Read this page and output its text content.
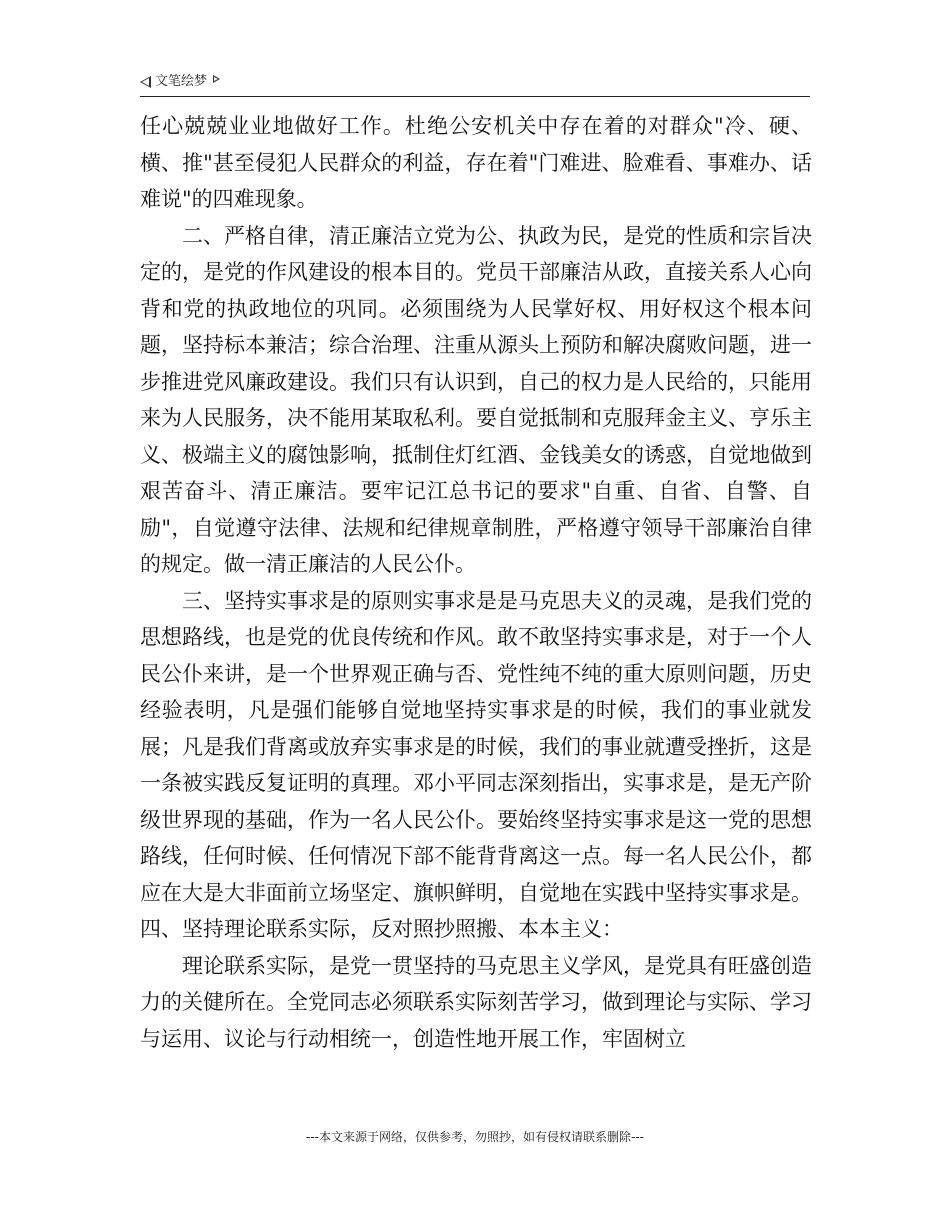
文笔绘梦

任心兢兢业业地做好工作。杜绝公安机关中存在着的对群众"冷、硬、横、推"甚至侵犯人民群众的利益，存在着"门难进、脸难看、事难办、话难说"的四难现象。

二、严格自律，清正廉洁立党为公、执政为民，是党的性质和宗旨决定的，是党的作风建设的根本目的。党员干部廉洁从政，直接关系人心向背和党的执政地位的巩同。必须围绕为人民掌好权、用好权这个根本问题，坚持标本兼洁；综合治理、注重从源头上预防和解决腐败问题，进一步推进党风廉政建设。我们只有认识到，自己的权力是人民给的，只能用来为人民服务，决不能用某取私利。要自觉抵制和克服拜金主义、亨乐主义、极端主义的腐蚀影响，抵制住灯红酒、金钱美女的诱惑，自觉地做到艰苦奋斗、清正廉洁。要牢记江总书记的要求"自重、自省、自警、自励"，自觉遵守法律、法规和纪律规章制胜，严格遵守领导干部廉治自律的规定。做一清正廉洁的人民公仆。

三、坚持实事求是的原则实事求是是马克思夫义的灵魂，是我们党的思想路线，也是党的优良传统和作风。敢不敢坚持实事求是，对于一个人民公仆来讲，是一个世界观正确与否、党性纯不纯的重大原则问题，历史经验表明，凡是强们能够自觉地坚持实事求是的时候，我们的事业就发展；凡是我们背离或放弃实事求是的时候，我们的事业就遭受挫折，这是一条被实践反复证明的真理。邓小平同志深刻指出，实事求是，是无产阶级世界现的基础，作为一名人民公仆。要始终坚持实事求是这一党的思想路线，任何时候、任何情况下部不能背背离这一点。每一名人民公仆，都应在大是大非面前立场坚定、旗帜鲜明，自觉地在实践中坚持实事求是。四、坚持理论联系实际，反对照抄照搬、本本主义：

理论联系实际，是党一贯坚持的马克思主义学风，是党具有旺盛创造力的关健所在。全党同志必须联系实际刻苦学习，做到理论与实际、学习与运用、议论与行动相统一，创造性地开展工作，牢固树立

---本文来源于网络，仅供参考，勿照抄，如有侵权请联系删除---
